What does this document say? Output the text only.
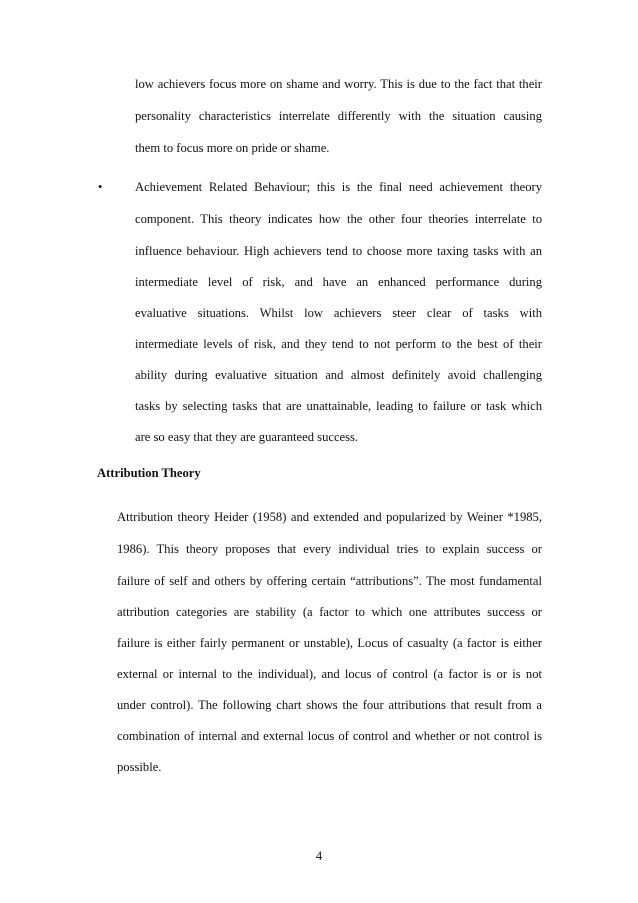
low achievers focus more on shame and worry. This is due to the fact that their
personality characteristics interrelate differently with the situation causing
them to focus more on pride or shame.
•	Achievement Related Behaviour; this is the final need achievement theory
component. This theory indicates how the other four theories interrelate to
influence behaviour. High achievers tend to choose more taxing tasks with an
intermediate level of risk, and have an enhanced performance during
evaluative situations. Whilst low achievers steer clear of tasks with
intermediate levels of risk, and they tend to not perform to the best of their
ability during evaluative situation and almost definitely avoid challenging
tasks by selecting tasks that are unattainable, leading to failure or task which
are so easy that they are guaranteed success.
Attribution Theory
Attribution theory Heider (1958) and extended and popularized by Weiner *1985,
1986). This theory proposes that every individual tries to explain success or
failure of self and others by offering certain “attributions”. The most fundamental
attribution categories are stability (a factor to which one attributes success or
failure is either fairly permanent or unstable), Locus of casualty (a factor is either
external or internal to the individual), and locus of control (a factor is or is not
under control). The following chart shows the four attributions that result from a
combination of internal and external locus of control and whether or not control is
possible.
4
